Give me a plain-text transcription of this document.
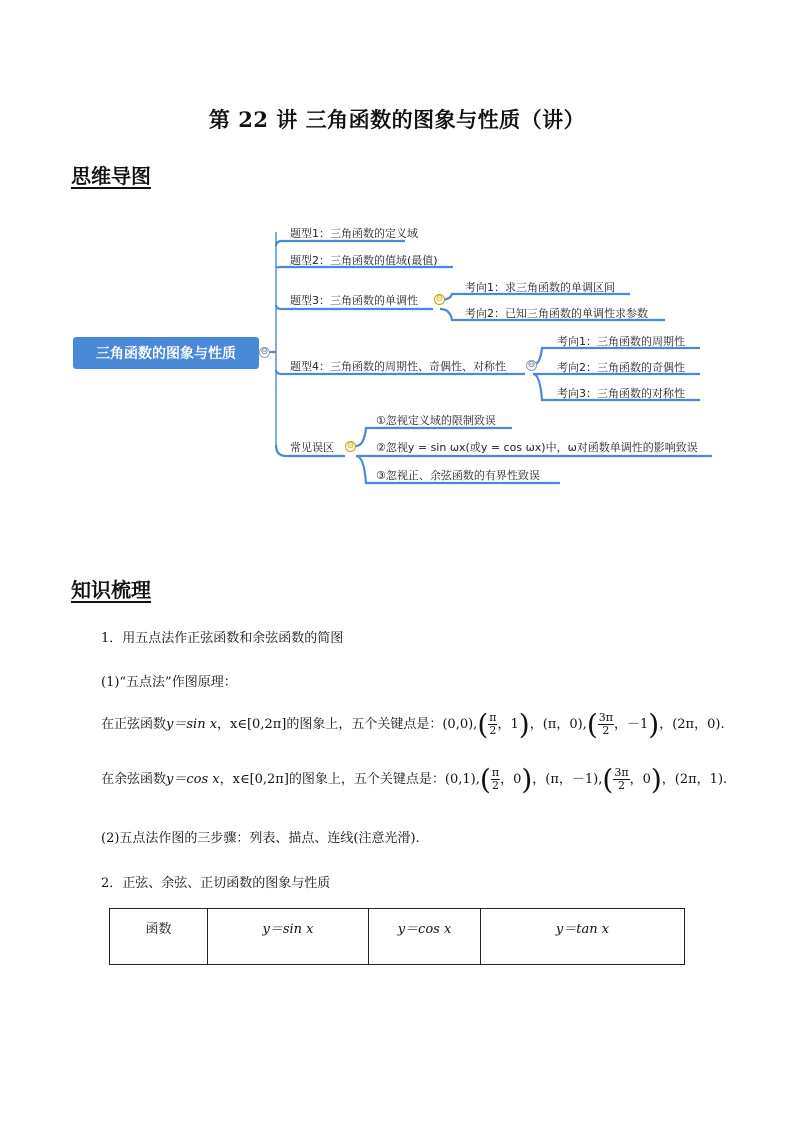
第 22 讲 三角函数的图象与性质（讲）
思维导图
三角函数的图象与性质	⊖
题型1：三角函数的定义域
题型2：三角函数的值域(最值)
题型3：三角函数的单调性 ⊖
考向1：求三角函数的单调区间
考向2：已知三角函数的单调性求参数
题型4：三角函数的周期性、奇偶性、对称性 ⊖
考向1：三角函数的周期性
考向2：三角函数的奇偶性
考向3：三角函数的对称性
常见误区 ⊖
①忽视定义域的限制致误
②忽视y = sin ωx(或y = cos ωx)中，ω对函数单调性的影响致误
③忽视正、余弦函数的有界性致误
知识梳理
1．用五点法作正弦函数和余弦函数的简图
(1)“五点法”作图原理：
在正弦函数y＝sin x，x∈[0,2π]的图象上，五个关键点是：$(0,0),( \frac{\pi}{2}$ ，1)，(π，$0),( \frac{3\pi}{2}$ ，－1)，(2π，0).
在余弦函数y＝cos x，x∈[0,2π]的图象上，五个关键点是：$(0,1),( \frac{\pi}{2}$ ，0)，(π，$-1),( \frac{3\pi}{2}$ ，0)，(2π，1).
(2)五点法作图的三步骤：列表、描点、连线(注意光滑).
2．正弦、余弦、正切函数的图象与性质
函数	y＝sin x	y＝cos x	y＝tan x
